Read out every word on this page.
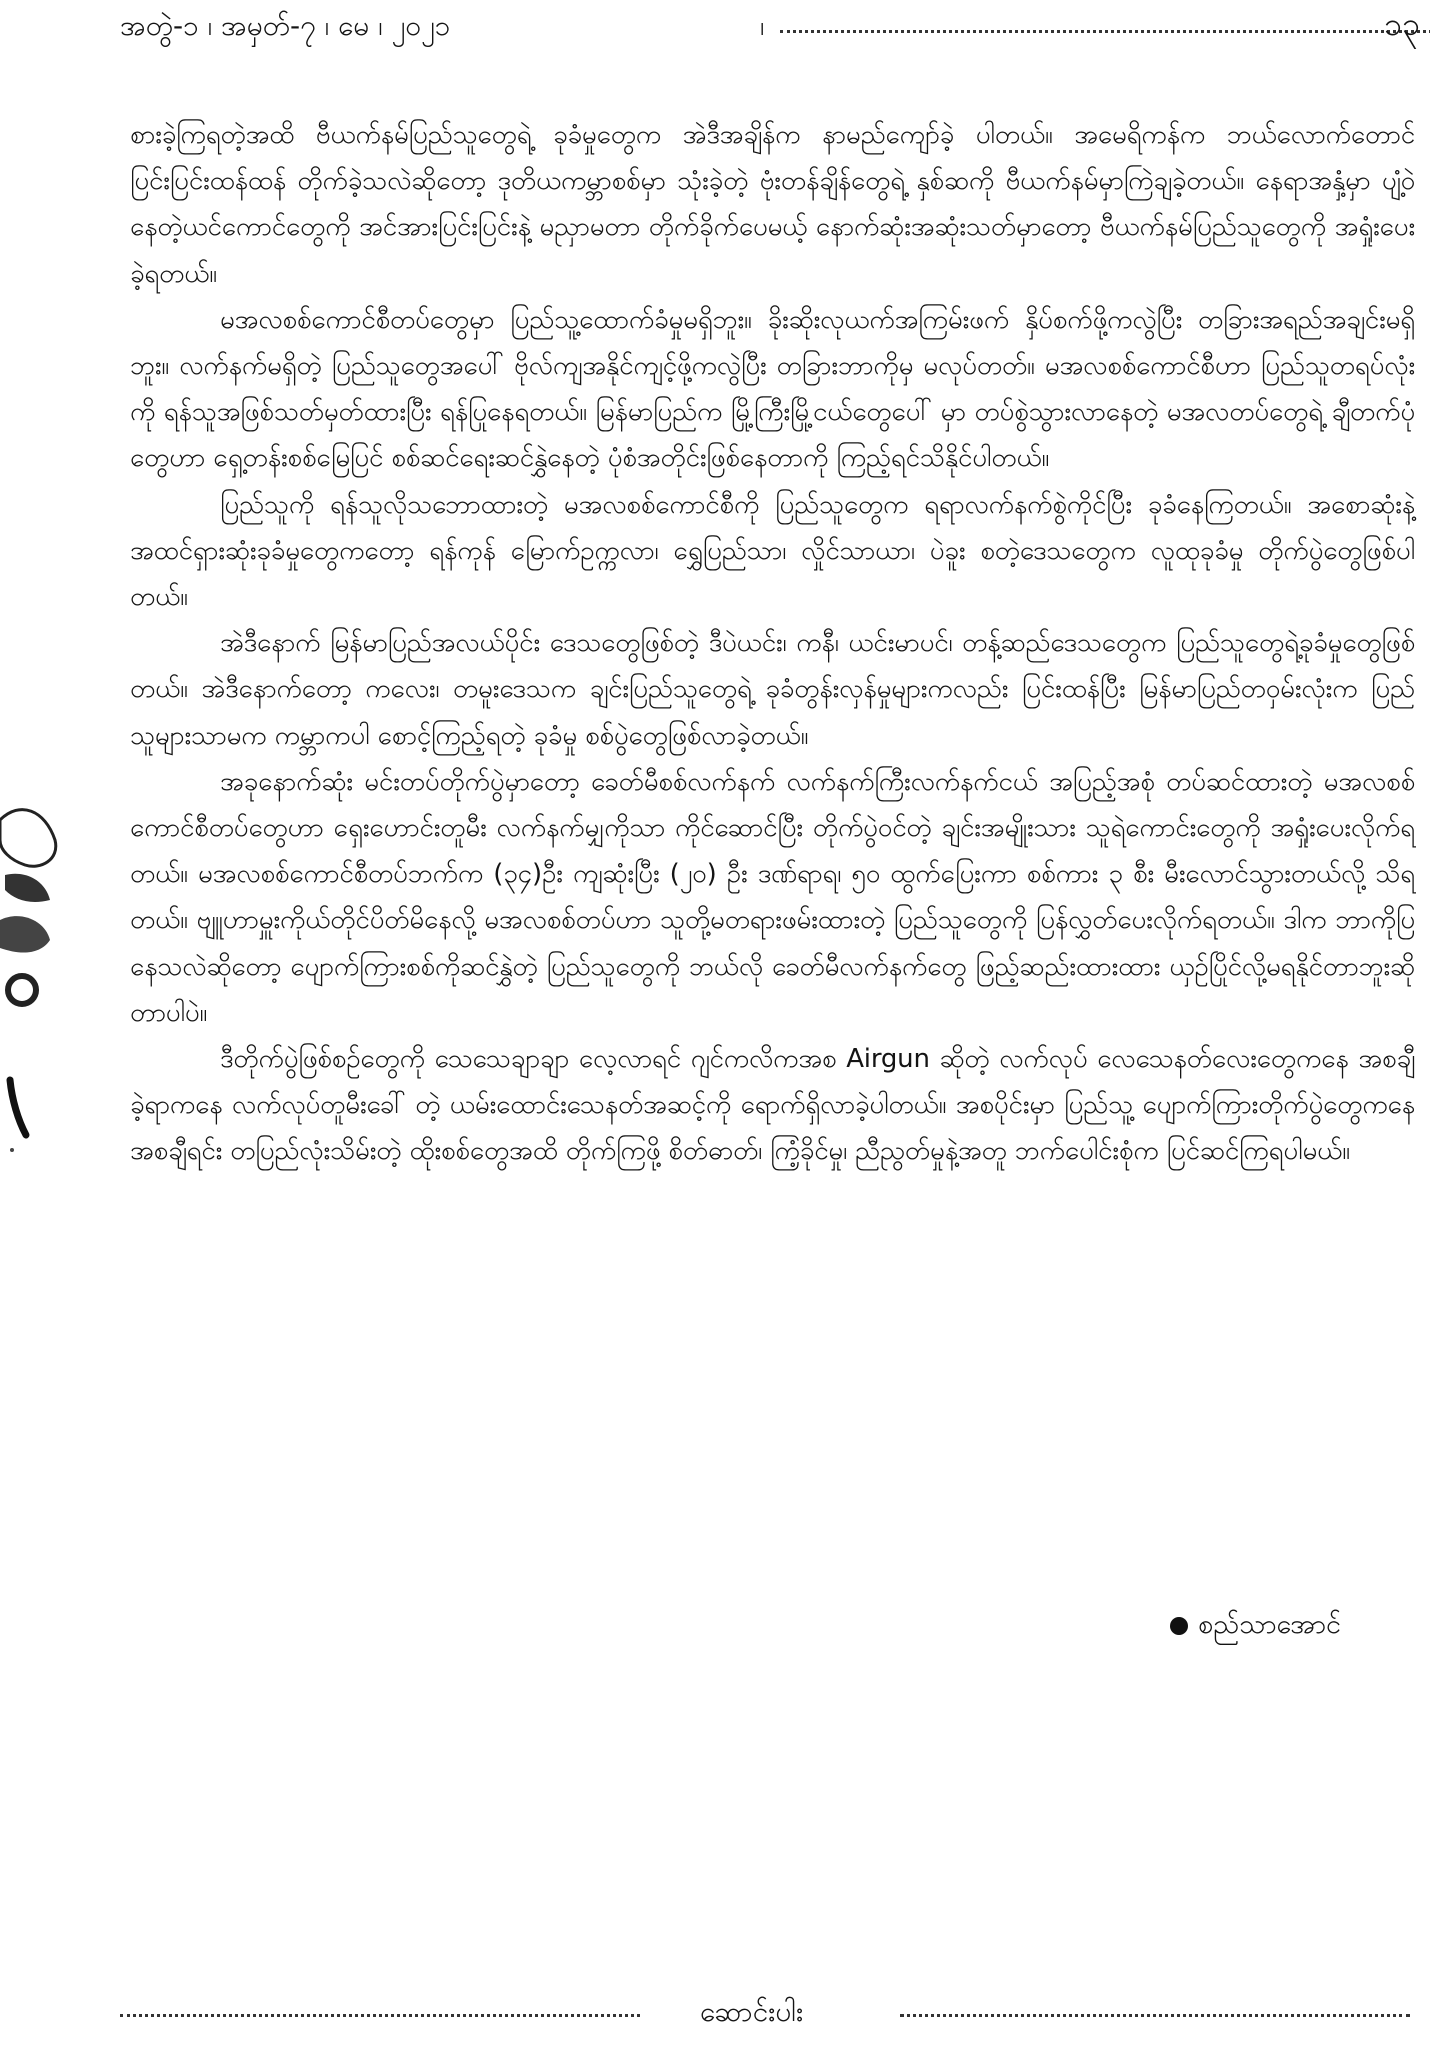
အတွဲ-၁ ၊ အမှတ်-၇ ၊ မေ ၊ ၂၀၂၁	၊	၁၃

စားခဲ့ကြရတဲ့အထိ ဗီယက်နမ်ပြည်သူတွေရဲ့ ခုခံမှုတွေက အဲဒီအချိန်က နာမည်ကျော်ခဲ့ ပါတယ်။ အမေရိကန်က ဘယ်လောက်တောင် ပြင်းပြင်းထန်ထန် တိုက်ခဲ့သလဲဆိုတော့ ဒုတိယကမ္ဘာစစ်မှာ သုံးခဲ့တဲ့ ဗုံးတန်ချိန်တွေရဲ့ နှစ်ဆကို ဗီယက်နမ်မှာကြဲချခဲ့တယ်။ နေရာအနှံ့မှာ ပျံ့ဝဲနေတဲ့ယင်ကောင်တွေကို အင်အားပြင်းပြင်းနဲ့ မညှာမတာ တိုက်ခိုက်ပေမယ့် နောက်ဆုံးအဆုံးသတ်မှာတော့ ဗီယက်နမ်ပြည်သူတွေကို အရှုံးပေးခဲ့ရတယ်။

မအလစစ်ကောင်စီတပ်တွေမှာ ပြည်သူ့ထောက်ခံမှုမရှိဘူး။ ခိုးဆိုးလုယက်အကြမ်းဖက် နှိပ်စက်ဖို့ကလွဲပြီး တခြားအရည်အချင်းမရှိဘူး။ လက်နက်မရှိတဲ့ ပြည်သူတွေအပေါ် ဗိုလ်ကျအနိုင်ကျင့်ဖို့ကလွဲပြီး တခြားဘာကိုမှ မလုပ်တတ်။ မအလစစ်ကောင်စီဟာ ပြည်သူတရပ်လုံးကို ရန်သူအဖြစ်သတ်မှတ်ထားပြီး ရန်ပြုနေရတယ်။ မြန်မာပြည်က မြို့ကြီးမြို့ငယ်တွေပေါ် မှာ တပ်စွဲသွားလာနေတဲ့ မအလတပ်တွေရဲ့ ချီတက်ပုံတွေဟာ ရှေ့တန်းစစ်မြေပြင် စစ်ဆင်ရေးဆင်နွှဲနေတဲ့ ပုံစံအတိုင်းဖြစ်နေတာကို ကြည့်ရင်သိနိုင်ပါတယ်။

ပြည်သူကို ရန်သူလိုသဘောထားတဲ့ မအလစစ်ကောင်စီကို ပြည်သူတွေက ရရာလက်နက်စွဲကိုင်ပြီး ခုခံနေကြတယ်။ အစောဆုံးနဲ့ အထင်ရှားဆုံးခုခံမှုတွေကတော့ ရန်ကုန် မြောက်ဥက္ကလာ၊ ရွှေပြည်သာ၊ လှိုင်သာယာ၊ ပဲခူး စတဲ့ဒေသတွေက လူထုခုခံမှု တိုက်ပွဲတွေဖြစ်ပါတယ်။

အဲဒီနောက် မြန်မာပြည်အလယ်ပိုင်း ဒေသတွေဖြစ်တဲ့ ဒီပဲယင်း၊ ကနီ၊ ယင်းမာပင်၊ တန့်ဆည်ဒေသတွေက ပြည်သူတွေရဲ့ခုခံမှုတွေဖြစ်တယ်။ အဲဒီနောက်တော့ ကလေး၊ တမူးဒေသက ချင်းပြည်သူတွေရဲ့ ခုခံတွန်းလှန်မှုများကလည်း ပြင်းထန်ပြီး မြန်မာပြည်တဝှမ်းလုံးက ပြည်သူများသာမက ကမ္ဘာကပါ စောင့်ကြည့်ရတဲ့ ခုခံမှု စစ်ပွဲတွေဖြစ်လာခဲ့တယ်။

အခုနောက်ဆုံး မင်းတပ်တိုက်ပွဲမှာတော့ ခေတ်မီစစ်လက်နက် လက်နက်ကြီးလက်နက်ငယ် အပြည့်အစုံ တပ်ဆင်ထားတဲ့ မအလစစ်ကောင်စီတပ်တွေဟာ ရှေးဟောင်းတူမီး လက်နက်မျှကိုသာ ကိုင်ဆောင်ပြီး တိုက်ပွဲဝင်တဲ့ ချင်းအမျိုးသား သူရဲကောင်းတွေကို အရှုံးပေးလိုက်ရတယ်။ မအလစစ်ကောင်စီတပ်ဘက်က (၃၄)ဦး ကျဆုံးပြီး (၂၀) ဦး ဒဏ်ရာရ၊ ၅၀ ထွက်ပြေးကာ စစ်ကား ၃ စီး မီးလောင်သွားတယ်လို့ သိရတယ်။ ဗျူဟာမှူးကိုယ်တိုင်ပိတ်မိနေလို့ မအလစစ်တပ်ဟာ သူတို့မတရားဖမ်းထားတဲ့ ပြည်သူတွေကို ပြန်လွှတ်ပေးလိုက်ရတယ်။ ဒါက ဘာကိုပြနေသလဲဆိုတော့ ပျောက်ကြားစစ်ကိုဆင်နွှဲတဲ့ ပြည်သူတွေကို ဘယ်လို ခေတ်မီလက်နက်တွေ ဖြည့်ဆည်းထားထား ယှဉ်ပြိုင်လို့မရနိုင်တာဘူးဆိုတာပါပဲ။

ဒီတိုက်ပွဲဖြစ်စဉ်တွေကို သေသေချာချာ လေ့လာရင် ဂျင်ကလိကအစ Airgun ဆိုတဲ့ လက်လုပ် လေသေနတ်လေးတွေကနေ အစချီခဲ့ရာကနေ လက်လုပ်တူမီးခေါ် တဲ့ ယမ်းထောင်းသေနတ်အဆင့်ကို ရောက်ရှိလာခဲ့ပါတယ်။ အစပိုင်းမှာ ပြည်သူ့ ပျောက်ကြားတိုက်ပွဲတွေကနေ အစချီရင်း တပြည်လုံးသိမ်းတဲ့ ထိုးစစ်တွေအထိ တိုက်ကြဖို့ စိတ်ဓာတ်၊ ကြံ့ခိုင်မှု၊ ညီညွတ်မှုနဲ့အတူ ဘက်ပေါင်းစုံက ပြင်ဆင်ကြရပါမယ်။

စည်သာအောင်
ဆောင်းပါး
